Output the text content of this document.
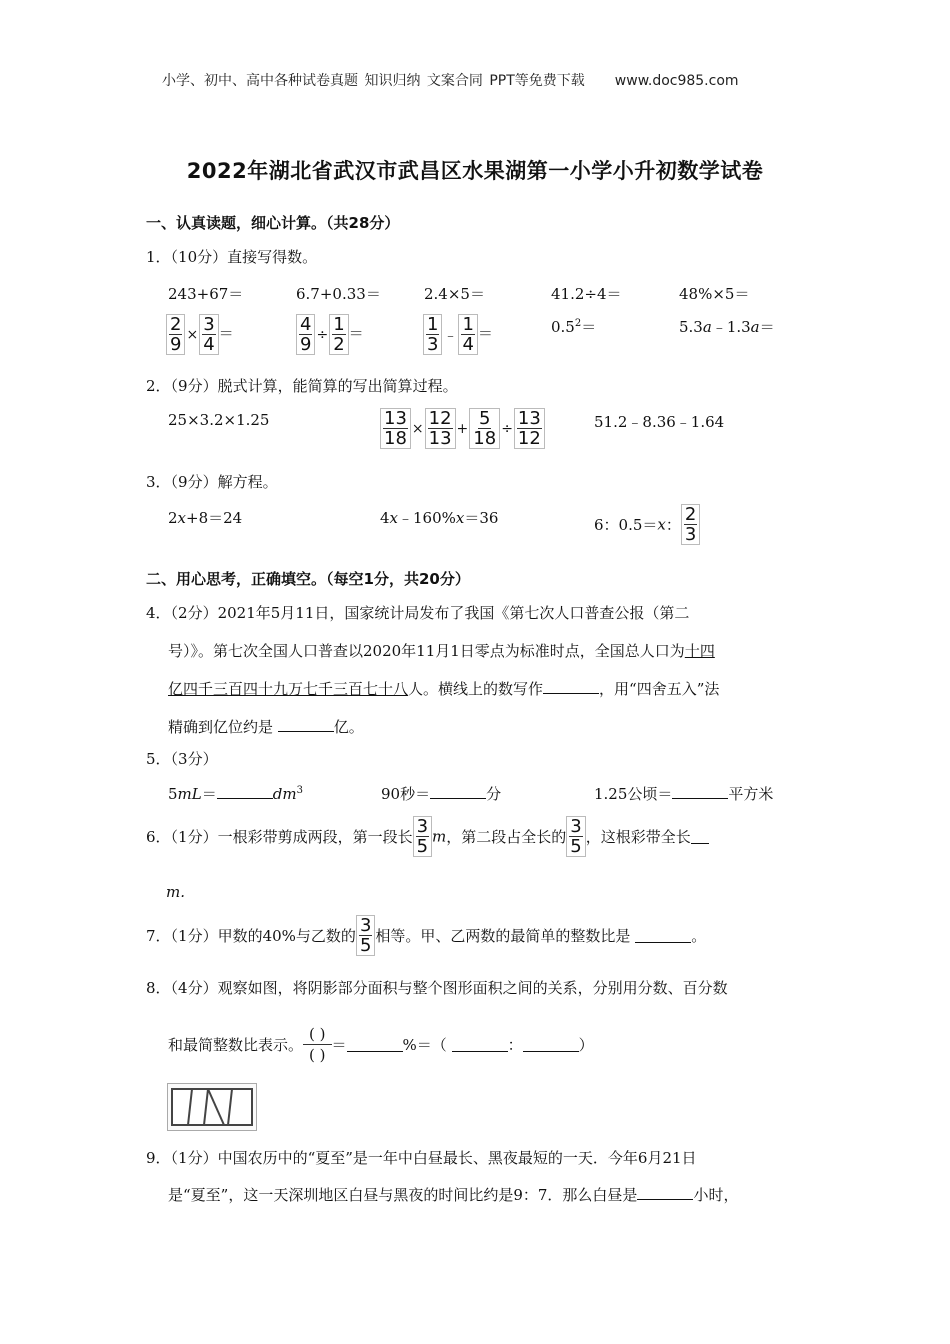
小学、初中、高中各种试卷真题 知识归纳 文案合同 PPT等免费下载 www.doc985.com
2022年湖北省武汉市武昌区水果湖第一小学小升初数学试卷
一、认真读题，细心计算。（共28分）
1．（10分）直接写得数。
243+67＝	6.7+0.33＝	2.4×5＝	41.2÷4＝	48%×5＝
$\frac{2}{9} \times \frac{3}{4}$ ＝	$\frac{4}{9} \div \frac{1}{2}$ ＝	$\frac{1}{3}$ ﹣ $\frac{1}{4}$ ＝	$0.5^2=$	5.3a﹣1.3a＝
2．（9分）脱式计算，能简算的写出简算过程。
25×3.2×1.25	$\frac{13}{18} \times \frac{12}{13} + \frac{5}{18} \div \frac{13}{12}$	51.2﹣8.36﹣1.64
3．（9分）解方程。
2x+8＝24	4x﹣160%x＝36	6：0.5＝x： $\frac{2}{3}$
二、用心思考，正确填空。（每空1分，共20分）
4．（2分）2021年5月11日，国家统计局发布了我国《第七次人口普查公报（第二
号）》。第七次全国人口普查以2020年11月1日零点为标准时点，全国总人口为十四
亿四千三百四十九万七千三百七十八人。横线上的数写作	，用“四舍五入”法
精确到亿位约是	亿。
5．（3分）
5mL＝	$dm^3$	90秒＝	分	1.25公顷＝	平方米
6．（1分）一根彩带剪成两段，第一段长 $\frac{3}{5}$ m，第二段占全长的 $\frac{3}{5}$ ，这根彩带全长
m.
7．（1分）甲数的40%与乙数的 $\frac{3}{5}$ 相等。甲、乙两数的最简单的整数比是	。
8．（4分）观察如图，将阴影部分面积与整个图形面积之间的关系，分别用分数、百分数
和最简整数比表示。
( )
( )
＝	%＝（	：	）
9．（1分）中国农历中的“夏至”是一年中白昼最长、黑夜最短的一天．今年6月21日
是“夏至”，这一天深圳地区白昼与黑夜的时间比约是9：7．那么白昼是	小时，
